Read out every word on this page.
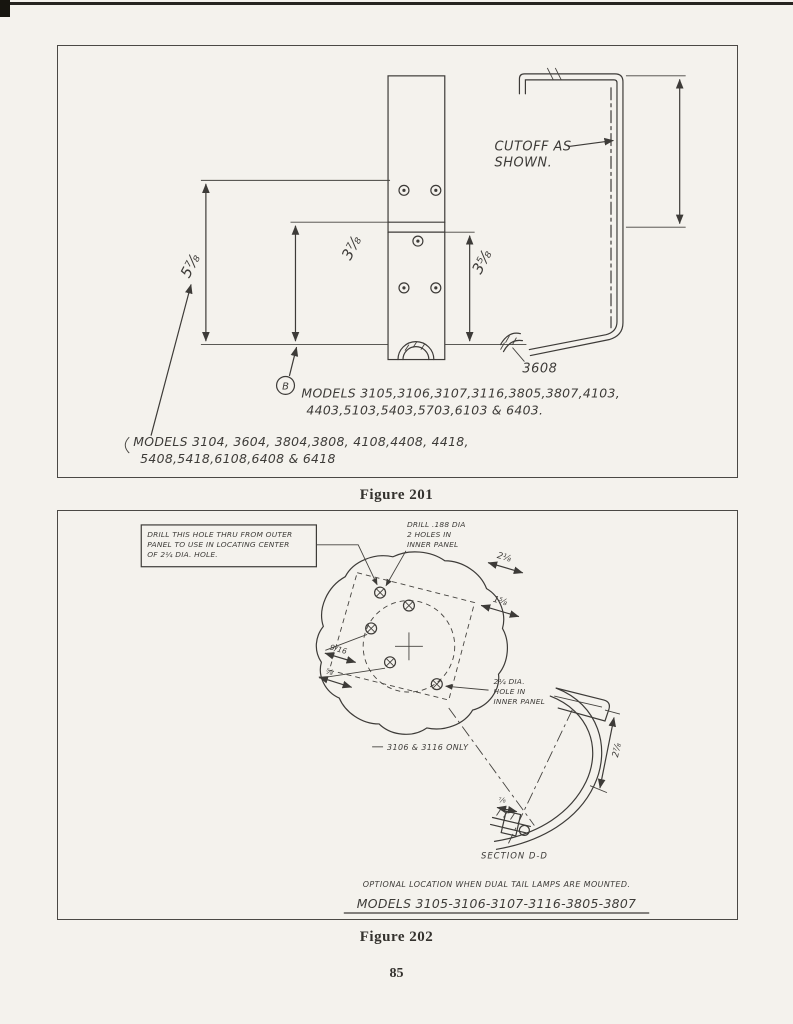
5⅞
3⅞	3⅝
CUTOFF AS
SHOWN.
3608
B MODELS 3105,3106,3107,3116,3805,3807,4103,
4403,5103,5403,5703,6103 & 6403.
MODELS 3104, 3604, 3804,3808, 4108,4408, 4418,
5408,5418,6108,6408 & 6418
Figure 201
DRILL THIS HOLE THRU FROM OUTER
PANEL TO USE IN LOCATING CENTER
OF 2¼ DIA. HOLE.
DRILL .188 DIA
2 HOLES IN
INNER PANEL
2⅛
1⅝
9/16
⅝
2¼ DIA.
HOLE IN
INNER PANEL
3106 & 3116 ONLY	2⅞
⅞
SECTION D-D
OPTIONAL LOCATION WHEN DUAL TAIL LAMPS ARE MOUNTED.
MODELS 3105-3106-3107-3116-3805-3807
Figure 202
85
